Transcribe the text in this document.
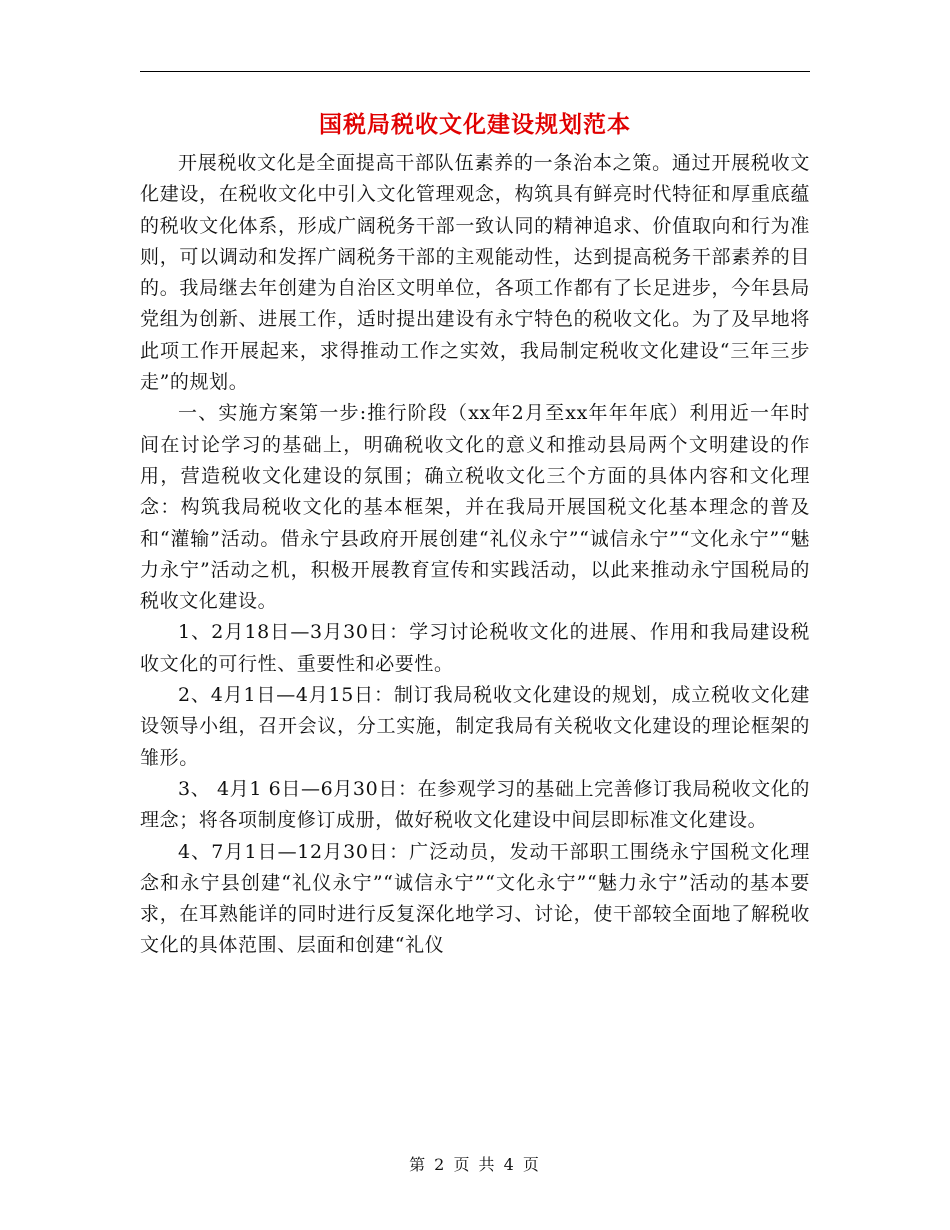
国税局税收文化建设规划范本

开展税收文化是全面提高干部队伍素养的一条治本之策。通过开展税收文化建设，在税收文化中引入文化管理观念，构筑具有鲜亮时代特征和厚重底蕴的税收文化体系，形成广阔税务干部一致认同的精神追求、价值取向和行为准则，可以调动和发挥广阔税务干部的主观能动性，达到提高税务干部素养的目的。我局继去年创建为自治区文明单位，各项工作都有了长足进步，今年县局党组为创新、进展工作，适时提出建设有永宁特色的税收文化。为了及早地将此项工作开展起来，求得推动工作之实效，我局制定税收文化建设“三年三步走”的规划。

一、实施方案第一步:推行阶段（xx年2月至xx年年年底）利用近一年时间在讨论学习的基础上，明确税收文化的意义和推动县局两个文明建设的作用，营造税收文化建设的氛围；确立税收文化三个方面的具体内容和文化理念：构筑我局税收文化的基本框架，并在我局开展国税文化基本理念的普及和“灌输”活动。借永宁县政府开展创建“礼仪永宁”“诚信永宁”“文化永宁”“魅力永宁”活动之机，积极开展教育宣传和实践活动，以此来推动永宁国税局的税收文化建设。

1、2月18日—3月30日：学习讨论税收文化的进展、作用和我局建设税收文化的可行性、重要性和必要性。

2、4月1日—4月15日：制订我局税收文化建设的规划，成立税收文化建设领导小组，召开会议，分工实施，制定我局有关税收文化建设的理论框架的雏形。

3、 4月1 6日—6月30日：在参观学习的基础上完善修订我局税收文化的理念；将各项制度修订成册，做好税收文化建设中间层即标准文化建设。

4、7月1日—12月30日：广泛动员，发动干部职工围绕永宁国税文化理念和永宁县创建“礼仪永宁”“诚信永宁”“文化永宁”“魅力永宁”活动的基本要求，在耳熟能详的同时进行反复深化地学习、讨论，使干部较全面地了解税收文化的具体范围、层面和创建“礼仪

第 2 页 共 4 页
